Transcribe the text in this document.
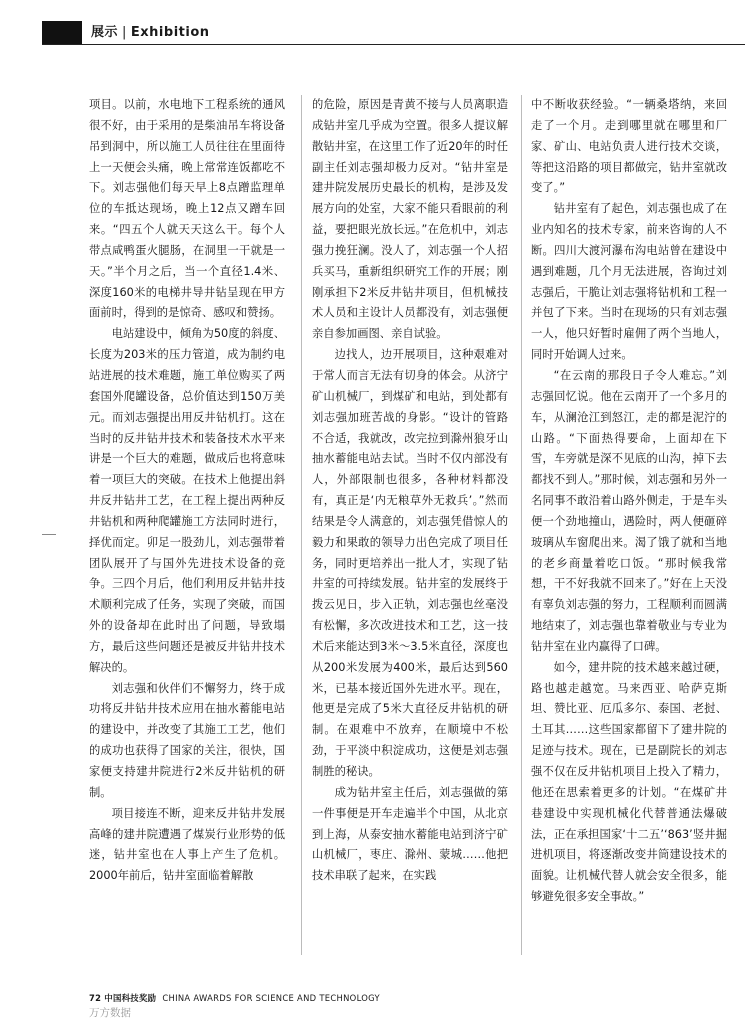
展示 | Exhibition

项目。以前，水电地下工程系统的通风很不好，由于采用的是柴油吊车将设备吊到洞中，所以施工人员往往在里面待上一天便会头痛，晚上常常连饭都吃不下。刘志强他们每天早上8点蹭监理单位的车抵达现场，晚上12点又蹭车回来。“四五个人就天天这么干。每个人带点咸鸭蛋火腿肠，在洞里一干就是一天。”半个月之后，当一个直径1.4米、深度160米的电梯井导井钻呈现在甲方面前时，得到的是惊奇、感叹和赞扬。

电站建设中，倾角为50度的斜度、长度为203米的压力管道，成为制约电站进展的技术难题，施工单位购买了两套国外爬罐设备，总价值达到150万美元。而刘志强提出用反井钻机打。这在当时的反井钻井技术和装备技术水平来讲是一个巨大的难题，做成后也将意味着一项巨大的突破。在技术上他提出斜井反井钻井工艺，在工程上提出两种反井钻机和两种爬罐施工方法同时进行，择优而定。卯足一股劲儿，刘志强带着团队展开了与国外先进技术设备的竞争。三四个月后，他们利用反井钻井技术顺利完成了任务，实现了突破，而国外的设备却在此时出了问题，导致塌方，最后这些问题还是被反井钻井技术解决的。

刘志强和伙伴们不懈努力，终于成功将反井钻井技术应用在抽水蓄能电站的建设中，并改变了其施工工艺，他们的成功也获得了国家的关注，很快，国家便支持建井院进行2米反井钻机的研制。

项目接连不断，迎来反井钻井发展高峰的建井院遭遇了煤炭行业形势的低迷，钻井室也在人事上产生了危机。2000年前后，钻井室面临着解散

的危险，原因是青黄不接与人员离职造成钻井室几乎成为空置。很多人提议解散钻井室，在这里工作了近20年的时任副主任刘志强却极力反对。“钻井室是建井院发展历史最长的机构，是涉及发展方向的处室，大家不能只看眼前的利益，要把眼光放长远。”在危机中，刘志强力挽狂澜。没人了，刘志强一个人招兵买马，重新组织研究工作的开展；刚刚承担下2米反井钻井项目，但机械技术人员和主设计人员都没有，刘志强便亲自参加画图、亲自试验。

边找人，边开展项目，这种艰难对于常人而言无法有切身的体会。从济宁矿山机械厂，到煤矿和电站，到处都有刘志强加班苦战的身影。“设计的管路不合适，我就改，改完拉到滁州狼牙山抽水蓄能电站去试。当时不仅内部没有人，外部限制也很多，各种材料都没有，真正是‘内无粮草外无救兵’。”然而结果是令人满意的，刘志强凭借惊人的毅力和果敢的领导力出色完成了项目任务，同时更培养出一批人才，实现了钻井室的可持续发展。钻井室的发展终于拨云见日，步入正轨，刘志强也丝毫没有松懈，多次改进技术和工艺，这一技术后来能达到3米～3.5米直径，深度也从200米发展为400米，最后达到560米，已基本接近国外先进水平。现在，他更是完成了5米大直径反井钻机的研制。在艰难中不放弃，在顺境中不松劲，于平淡中积淀成功，这便是刘志强制胜的秘诀。

成为钻井室主任后，刘志强做的第一件事便是开车走遍半个中国，从北京到上海，从泰安抽水蓄能电站到济宁矿山机械厂，枣庄、滁州、蒙城……他把技术串联了起来，在实践

中不断收获经验。“一辆桑塔纳，来回走了一个月。走到哪里就在哪里和厂家、矿山、电站负责人进行技术交谈，等把这沿路的项目都做完，钻井室就改变了。”

钻井室有了起色，刘志强也成了在业内知名的技术专家，前来咨询的人不断。四川大渡河瀑布沟电站曾在建设中遇到难题，几个月无法进展，咨询过刘志强后，干脆让刘志强将钻机和工程一并包了下来。当时在现场的只有刘志强一人，他只好暂时雇佣了两个当地人，同时开始调人过来。

“在云南的那段日子令人难忘。”刘志强回忆说。他在云南开了一个多月的车，从澜沧江到怒江，走的都是泥泞的山路。“下面热得要命，上面却在下雪，车旁就是深不见底的山沟，掉下去都找不到人。”那时候，刘志强和另外一名同事不敢沿着山路外侧走，于是车头便一个劲地撞山，遇险时，两人便砸碎玻璃从车窗爬出来。渴了饿了就和当地的老乡商量着吃口饭。“那时候我常想，干不好我就不回来了。”好在上天没有辜负刘志强的努力，工程顺利而圆满地结束了，刘志强也靠着敬业与专业为钻井室在业内赢得了口碑。

如今，建井院的技术越来越过硬，路也越走越宽。马来西亚、哈萨克斯坦、赞比亚、厄瓜多尔、泰国、老挝、土耳其……这些国家都留下了建井院的足迹与技术。现在，已是副院长的刘志强不仅在反井钻机项目上投入了精力，他还在思索着更多的计划。“在煤矿井巷建设中实现机械化代替普通法爆破法，正在承担国家‘十二五’‘863’竖井掘进机项目，将逐渐改变井筒建设技术的面貌。让机械代替人就会安全很多，能够避免很多安全事故。”

72 中国科技奖励 CHINA AWARDS FOR SCIENCE AND TECHNOLOGY
万方数据
